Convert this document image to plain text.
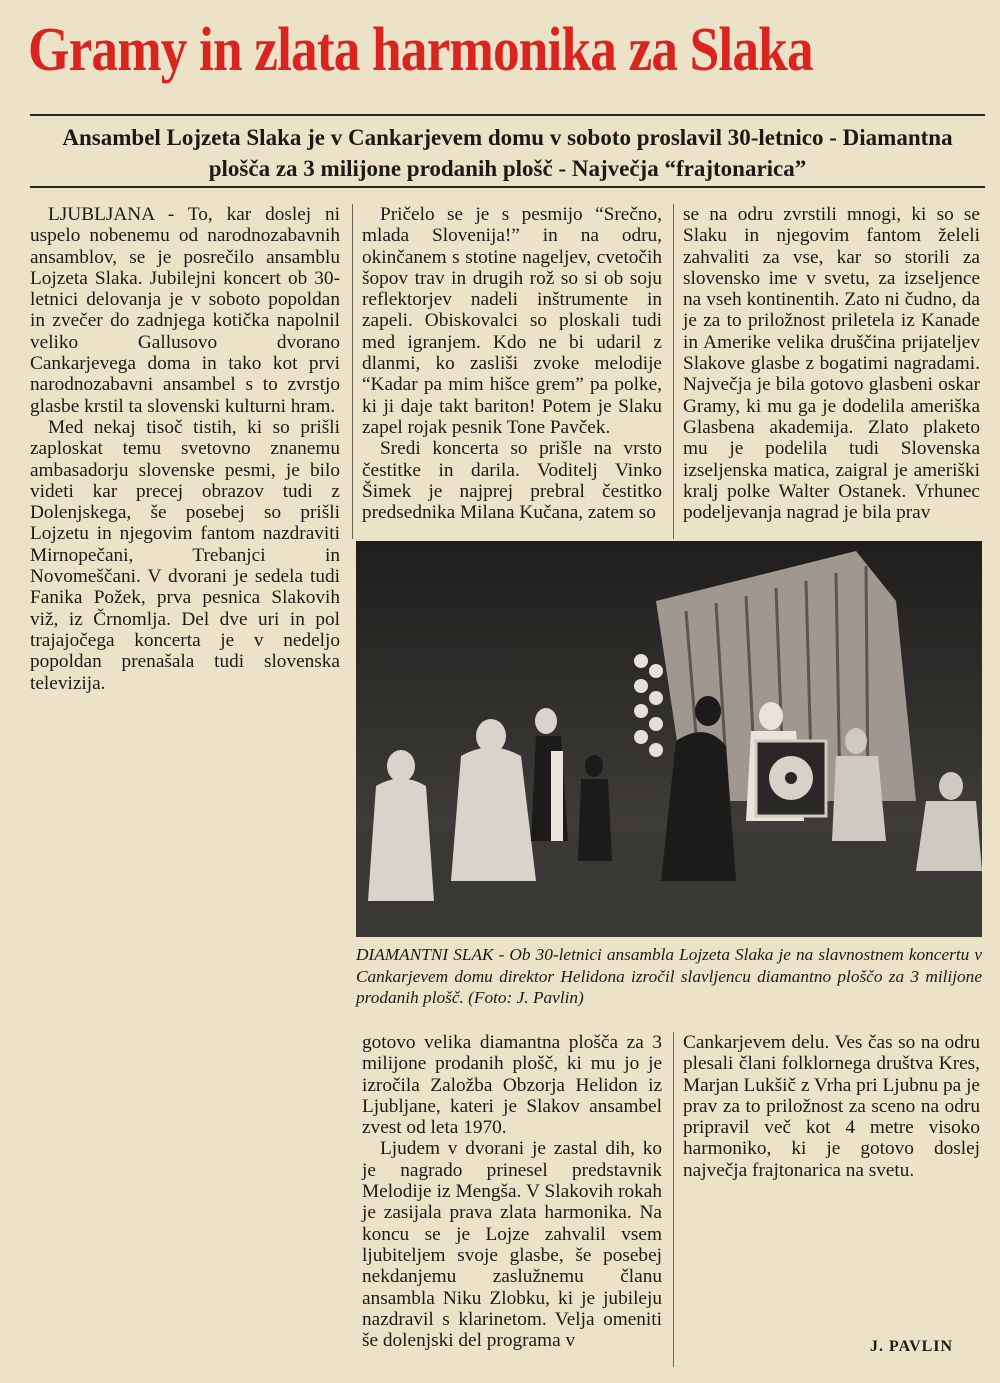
Gramy in zlata harmonika za Slaka
Ansambel Lojzeta Slaka je v Cankarjevem domu v soboto proslavil 30-letnico - Diamantna plošča za 3 milijone prodanih plošč - Največja “frajtonarica”

LJUBLJANA - To, kar doslej ni uspelo nobenemu od narodnozabavnih ansamblov, se je posrečilo ansamblu Lojzeta Slaka. Jubilejni koncert ob 30-letnici delovanja je v soboto popoldan in zvečer do zadnjega kotička napolnil veliko Gallusovo dvorano Cankarjevega doma in tako kot prvi narodnozabavni ansambel s to zvrstjo glasbe krstil ta slovenski kulturni hram.

Med nekaj tisoč tistih, ki so prišli zaploskat temu svetovno znanemu ambasadorju slovenske pesmi, je bilo videti kar precej obrazov tudi z Dolenjskega, še posebej so prišli Lojzetu in njegovim fantom nazdraviti Mirnopečani, Trebanjci in Novomeščani. V dvorani je sedela tudi Fanika Požek, prva pesnica Slakovih viž, iz Črnomlja. Del dve uri in pol trajajočega koncerta je v nedeljo popoldan prenašala tudi slovenska televizija.

Pričelo se je s pesmijo “Srečno, mlada Slovenija!” in na odru, okinčanem s stotine nageljev, cvetočih šopov trav in drugih rož so si ob soju reflektorjev nadeli inštrumente in zapeli. Obiskovalci so ploskali tudi med igranjem. Kdo ne bi udaril z dlanmi, ko zasliši zvoke melodije “Kadar pa mim hišce grem” pa polke, ki ji daje takt bariton! Potem je Slaku zapel rojak pesnik Tone Pavček.

Sredi koncerta so prišle na vrsto čestitke in darila. Voditelj Vinko Šimek je najprej prebral čestitko predsednika Milana Kučana, zatem so

se na odru zvrstili mnogi, ki so se Slaku in njegovim fantom želeli zahvaliti za vse, kar so storili za slovensko ime v svetu, za izseljence na vseh kontinentih. Zato ni čudno, da je za to priložnost priletela iz Kanade in Amerike velika druščina prijateljev Slakove glasbe z bogatimi nagradami. Največja je bila gotovo glasbeni oskar Gramy, ki mu ga je dodelila ameriška Glasbena akademija. Zlato plaketo mu je podelila tudi Slovenska izseljenska matica, zaigral je ameriški kralj polke Walter Ostanek. Vrhunec podeljevanja nagrad je bila prav

DIAMANTNI SLAK - Ob 30-letnici ansambla Lojzeta Slaka je na slavnostnem koncertu v Cankarjevem domu direktor Helidona izročil slavljencu diamantno ploščo za 3 milijone prodanih plošč. (Foto: J. Pavlin)

gotovo velika diamantna plošča za 3 milijone prodanih plošč, ki mu jo je izročila Založba Obzorja Helidon iz Ljubljane, kateri je Slakov ansambel zvest od leta 1970.

Ljudem v dvorani je zastal dih, ko je nagrado prinesel predstavnik Melodije iz Mengša. V Slakovih rokah je zasijala prava zlata harmonika. Na koncu se je Lojze zahvalil vsem ljubiteljem svoje glasbe, še posebej nekdanjemu zaslužnemu članu ansambla Niku Zlobku, ki je jubileju nazdravil s klarinetom. Velja omeniti še dolenjski del programa v

Cankarjevem delu. Ves čas so na odru plesali člani folklornega društva Kres, Marjan Lukšič z Vrha pri Ljubnu pa je prav za to priložnost za sceno na odru pripravil več kot 4 metre visoko harmoniko, ki je gotovo doslej največja frajtonarica na svetu.

J. PAVLIN
